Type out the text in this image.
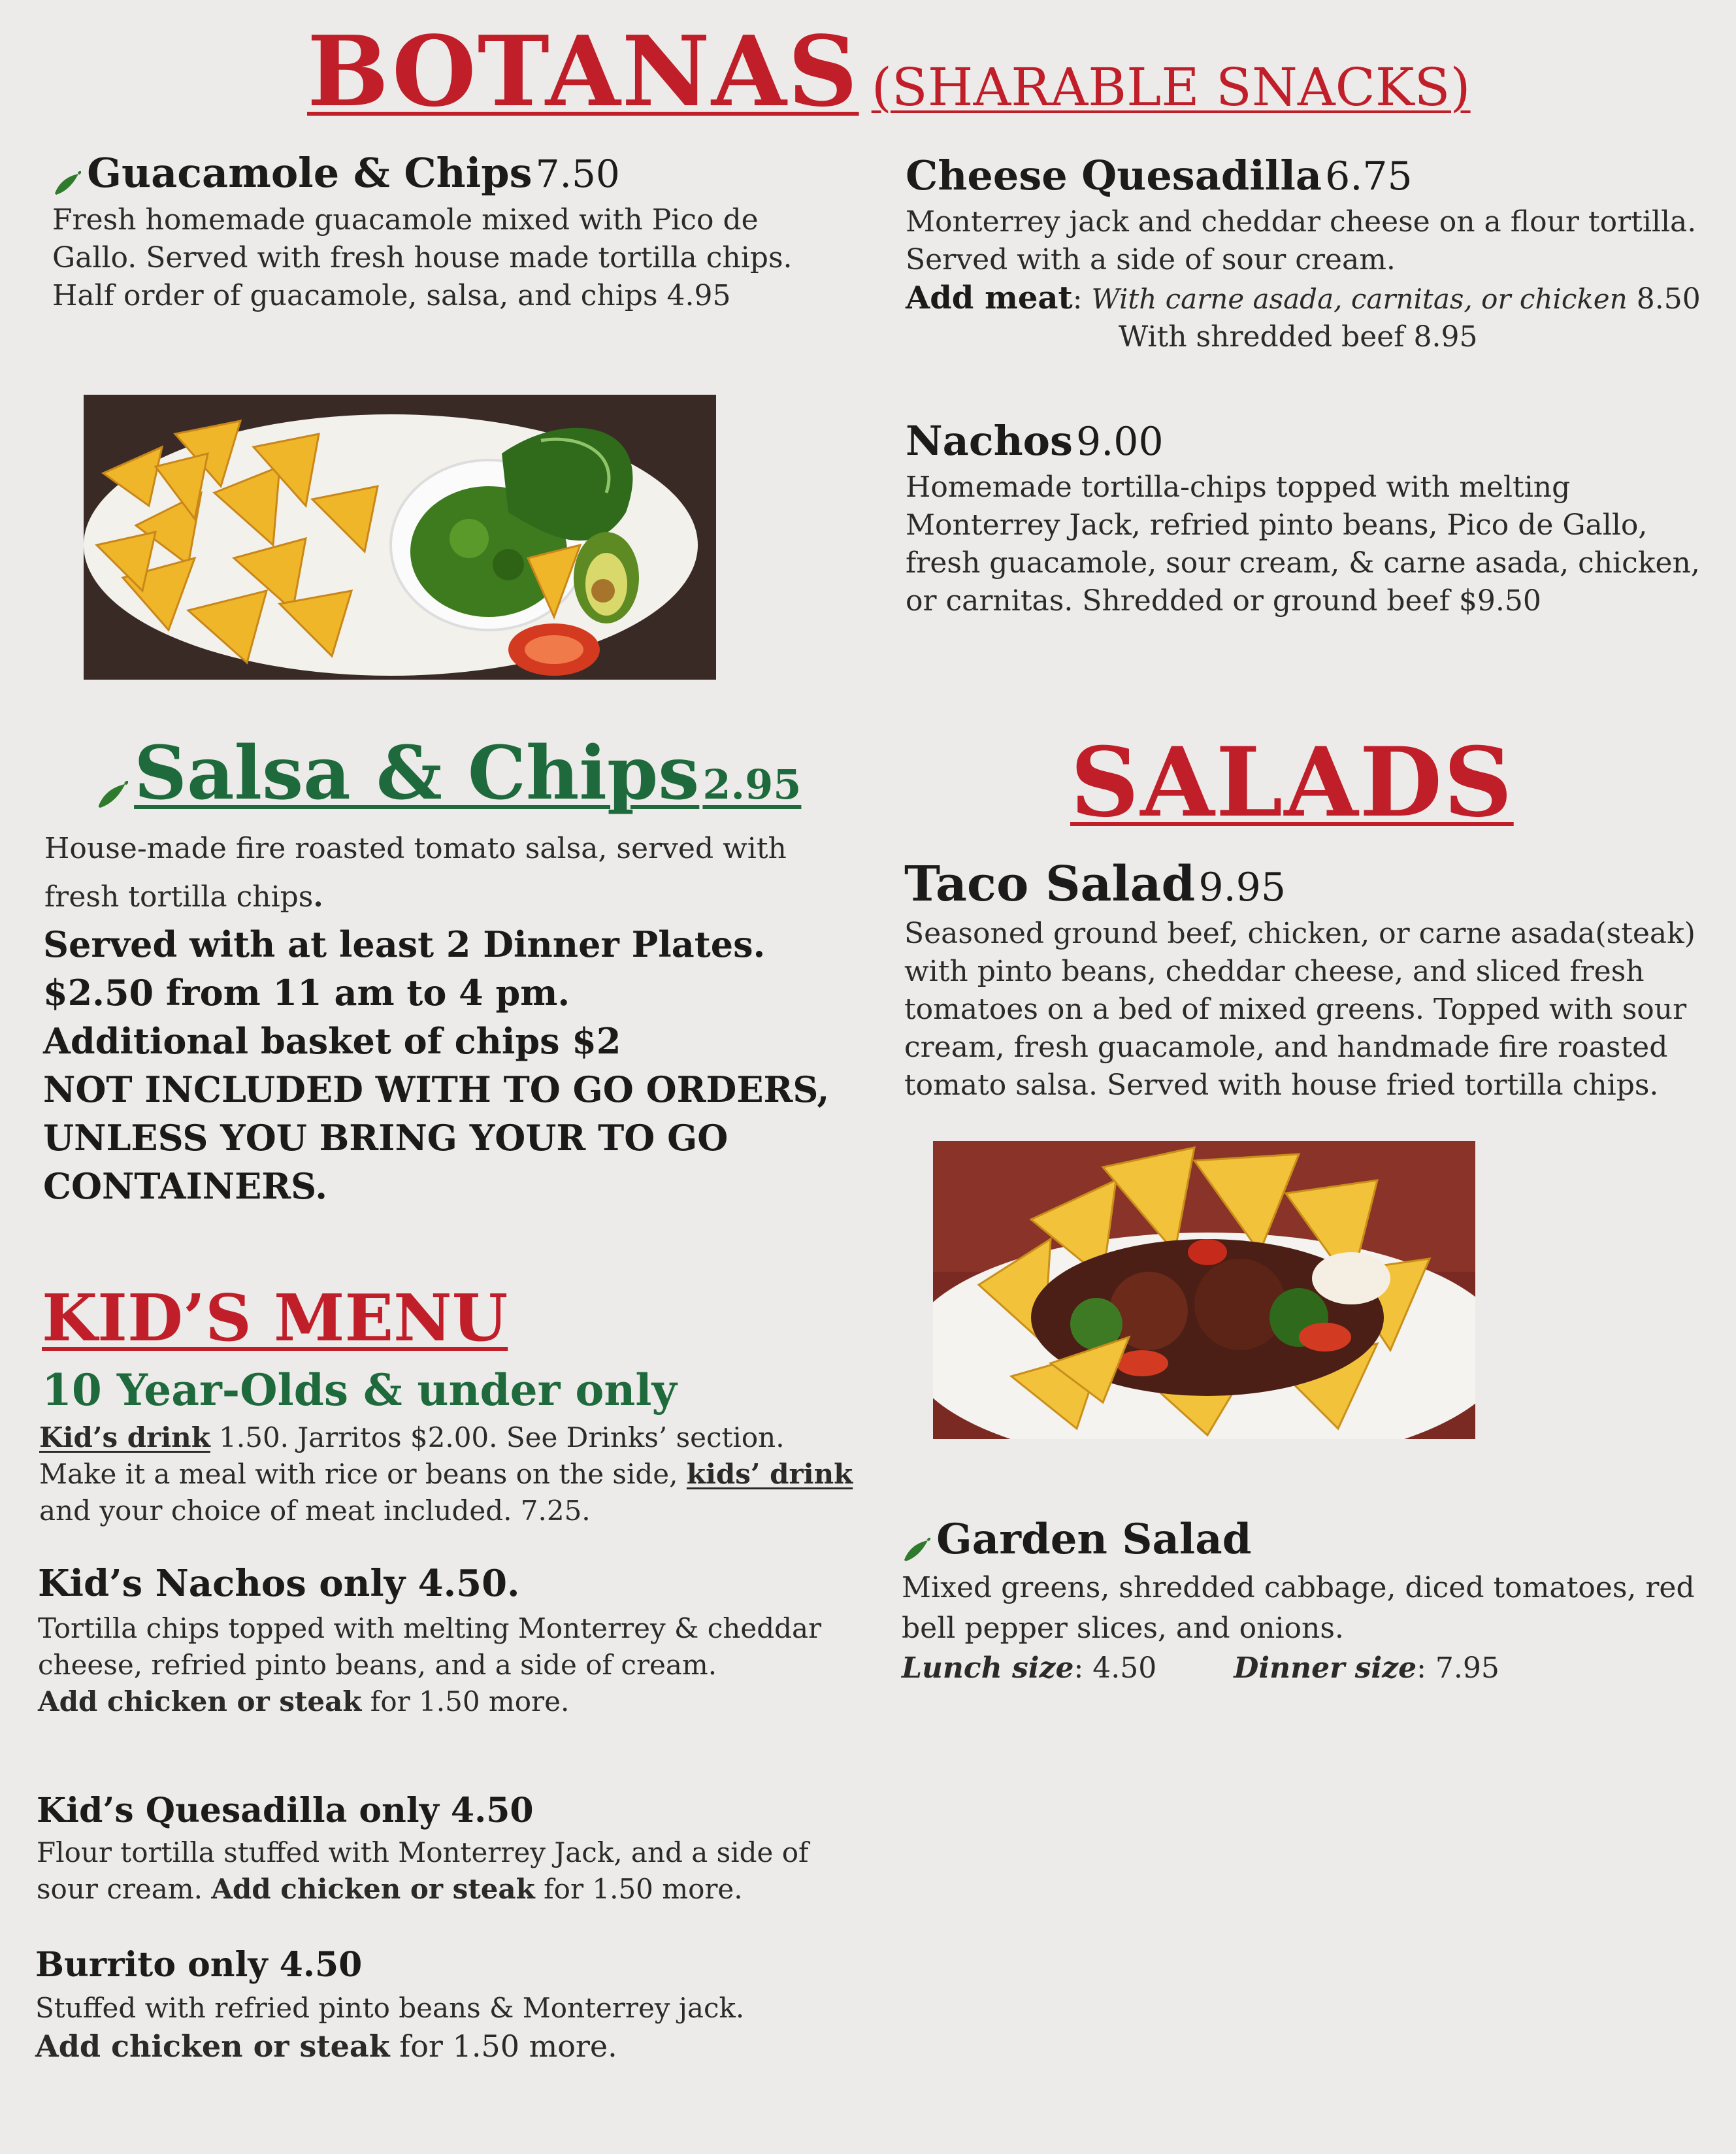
BOTANAS (SHARABLE SNACKS)
Guacamole & Chips 7.50
Fresh homemade guacamole mixed with Pico de
Gallo. Served with fresh house made tortilla chips.
Half order of guacamole, salsa, and chips 4.95
Cheese Quesadilla 6.75
Monterrey jack and cheddar cheese on a flour tortilla.
Served with a side of sour cream.
Add meat: With carne asada, carnitas, or chicken 8.50
With shredded beef 8.95
Nachos 9.00
Homemade tortilla-chips topped with melting
Monterrey Jack, refried pinto beans, Pico de Gallo,
fresh guacamole, sour cream, & carne asada, chicken,
or carnitas. Shredded or ground beef $9.50
Salsa & Chips 2.95
House-made fire roasted tomato salsa, served with
fresh tortilla chips.
Served with at least 2 Dinner Plates.
$2.50 from 11 am to 4 pm.
Additional basket of chips $2
NOT INCLUDED WITH TO GO ORDERS,
UNLESS YOU BRING YOUR TO GO
CONTAINERS.
SALADS
Taco Salad 9.95
Seasoned ground beef, chicken, or carne asada(steak)
with pinto beans, cheddar cheese, and sliced fresh
tomatoes on a bed of mixed greens. Topped with sour
cream, fresh guacamole, and handmade fire roasted
tomato salsa. Served with house fried tortilla chips.
Garden Salad
Mixed greens, shredded cabbage, diced tomatoes, red
bell pepper slices, and onions.
Lunch size: 4.50	Dinner size: 7.95
KID’S MENU
10 Year-Olds & under only
Kid’s drink 1.50. Jarritos $2.00. See Drinks’ section.
Make it a meal with rice or beans on the side, kids’ drink
and your choice of meat included. 7.25.
Kid’s Nachos only 4.50.
Tortilla chips topped with melting Monterrey & cheddar
cheese, refried pinto beans, and a side of cream.
Add chicken or steak for 1.50 more.
Kid’s Quesadilla only 4.50
Flour tortilla stuffed with Monterrey Jack, and a side of
sour cream. Add chicken or steak for 1.50 more.
Burrito only 4.50
Stuffed with refried pinto beans & Monterrey jack.
Add chicken or steak for 1.50 more.
